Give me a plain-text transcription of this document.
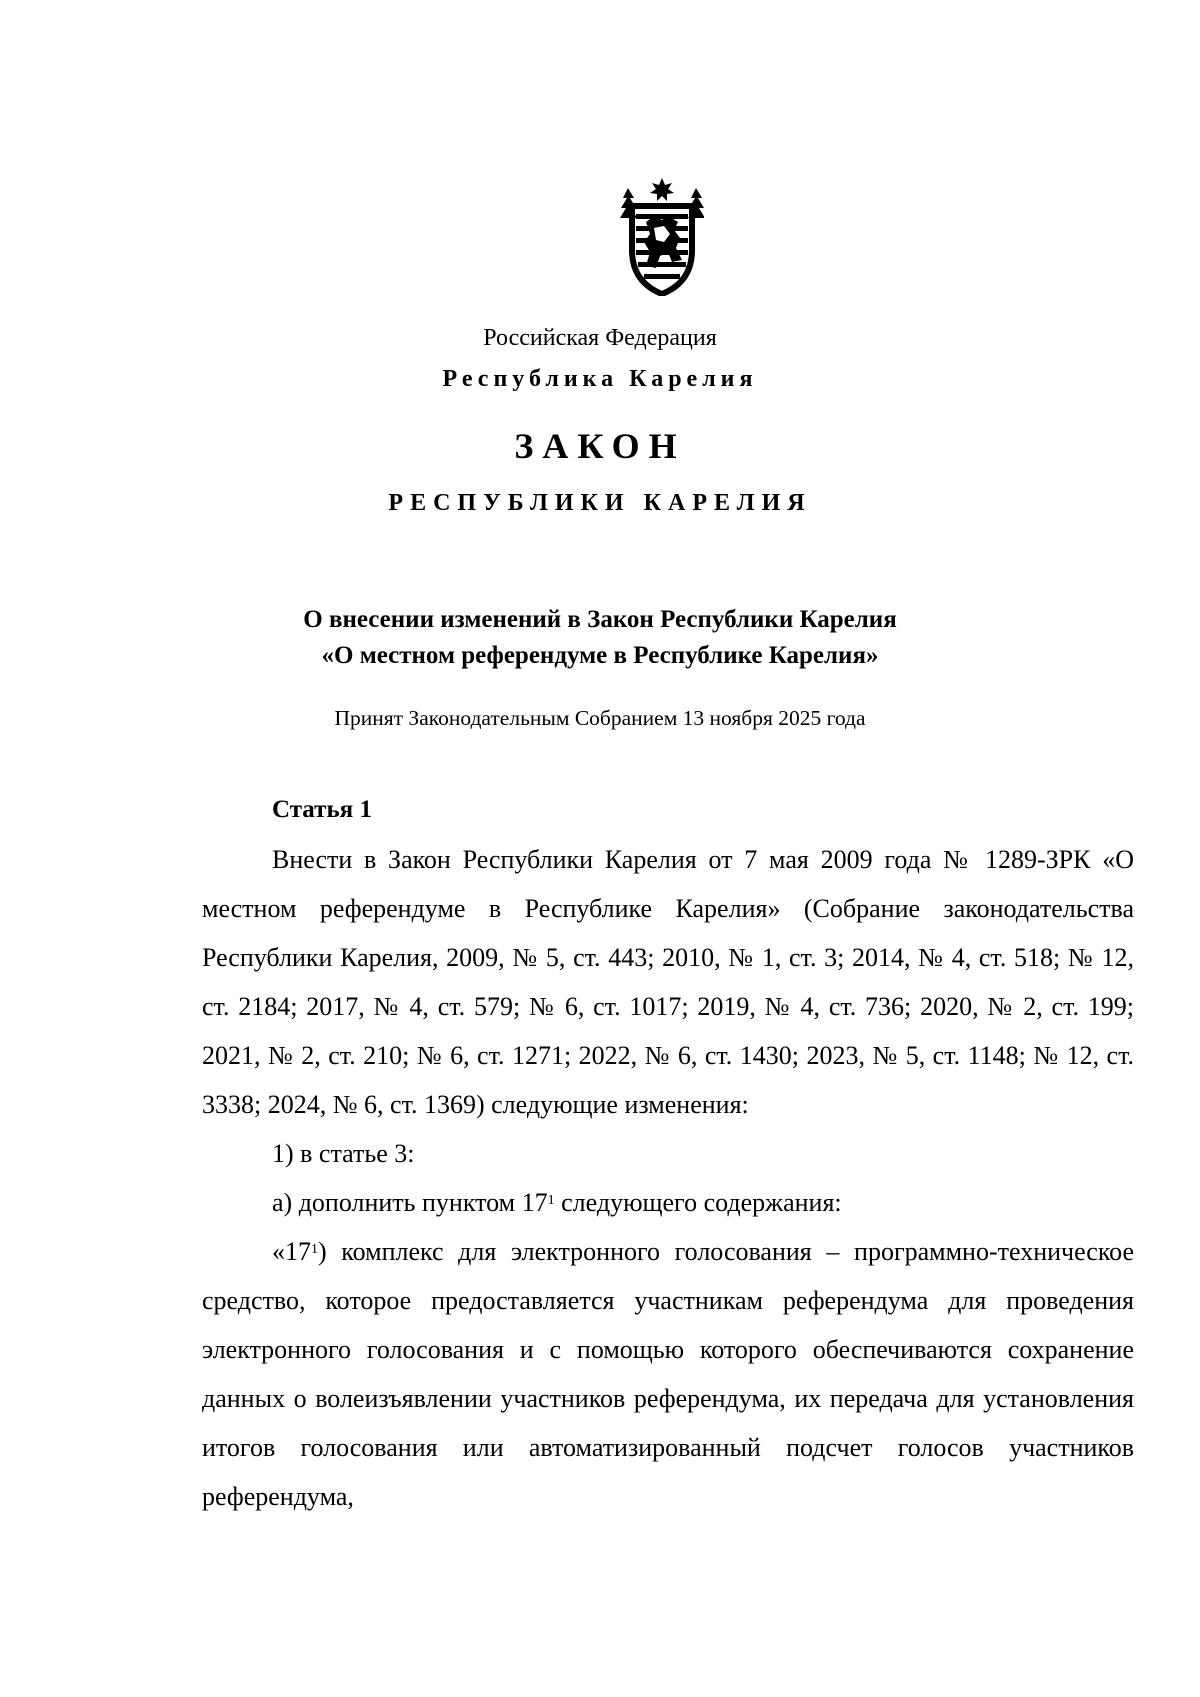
Российская Федерация
Республика Карелия
ЗАКОН
РЕСПУБЛИКИ КАРЕЛИЯ
О внесении изменений в Закон Республики Карелия
«О местном референдуме в Республике Карелия»
Принят Законодательным Собранием 13 ноября 2025 года
Статья 1

Внести в Закон Республики Карелия от 7 мая 2009 года № 1289-ЗРК «О местном референдуме в Республике Карелия» (Собрание законодательства Республики Карелия, 2009, № 5, ст. 443; 2010, № 1, ст. 3; 2014, № 4, ст. 518; № 12, ст. 2184; 2017, № 4, ст. 579; № 6, ст. 1017; 2019, № 4, ст. 736; 2020, № 2, ст. 199; 2021, № 2, ст. 210; № 6, ст. 1271; 2022, № 6, ст. 1430; 2023, № 5, ст. 1148; № 12, ст. 3338; 2024, № 6, ст. 1369) следующие изменения:

1) в статье 3:

а) дополнить пунктом $17^1$ следующего содержания:

«$17^1$) комплекс для электронного голосования – программно-техническое средство, которое предоставляется участникам референдума для проведения электронного голосования и с помощью которого обеспечиваются сохранение данных о волеизъявлении участников референдума, их передача для установления итогов голосования или автоматизированный подсчет голосов участников референдума,
